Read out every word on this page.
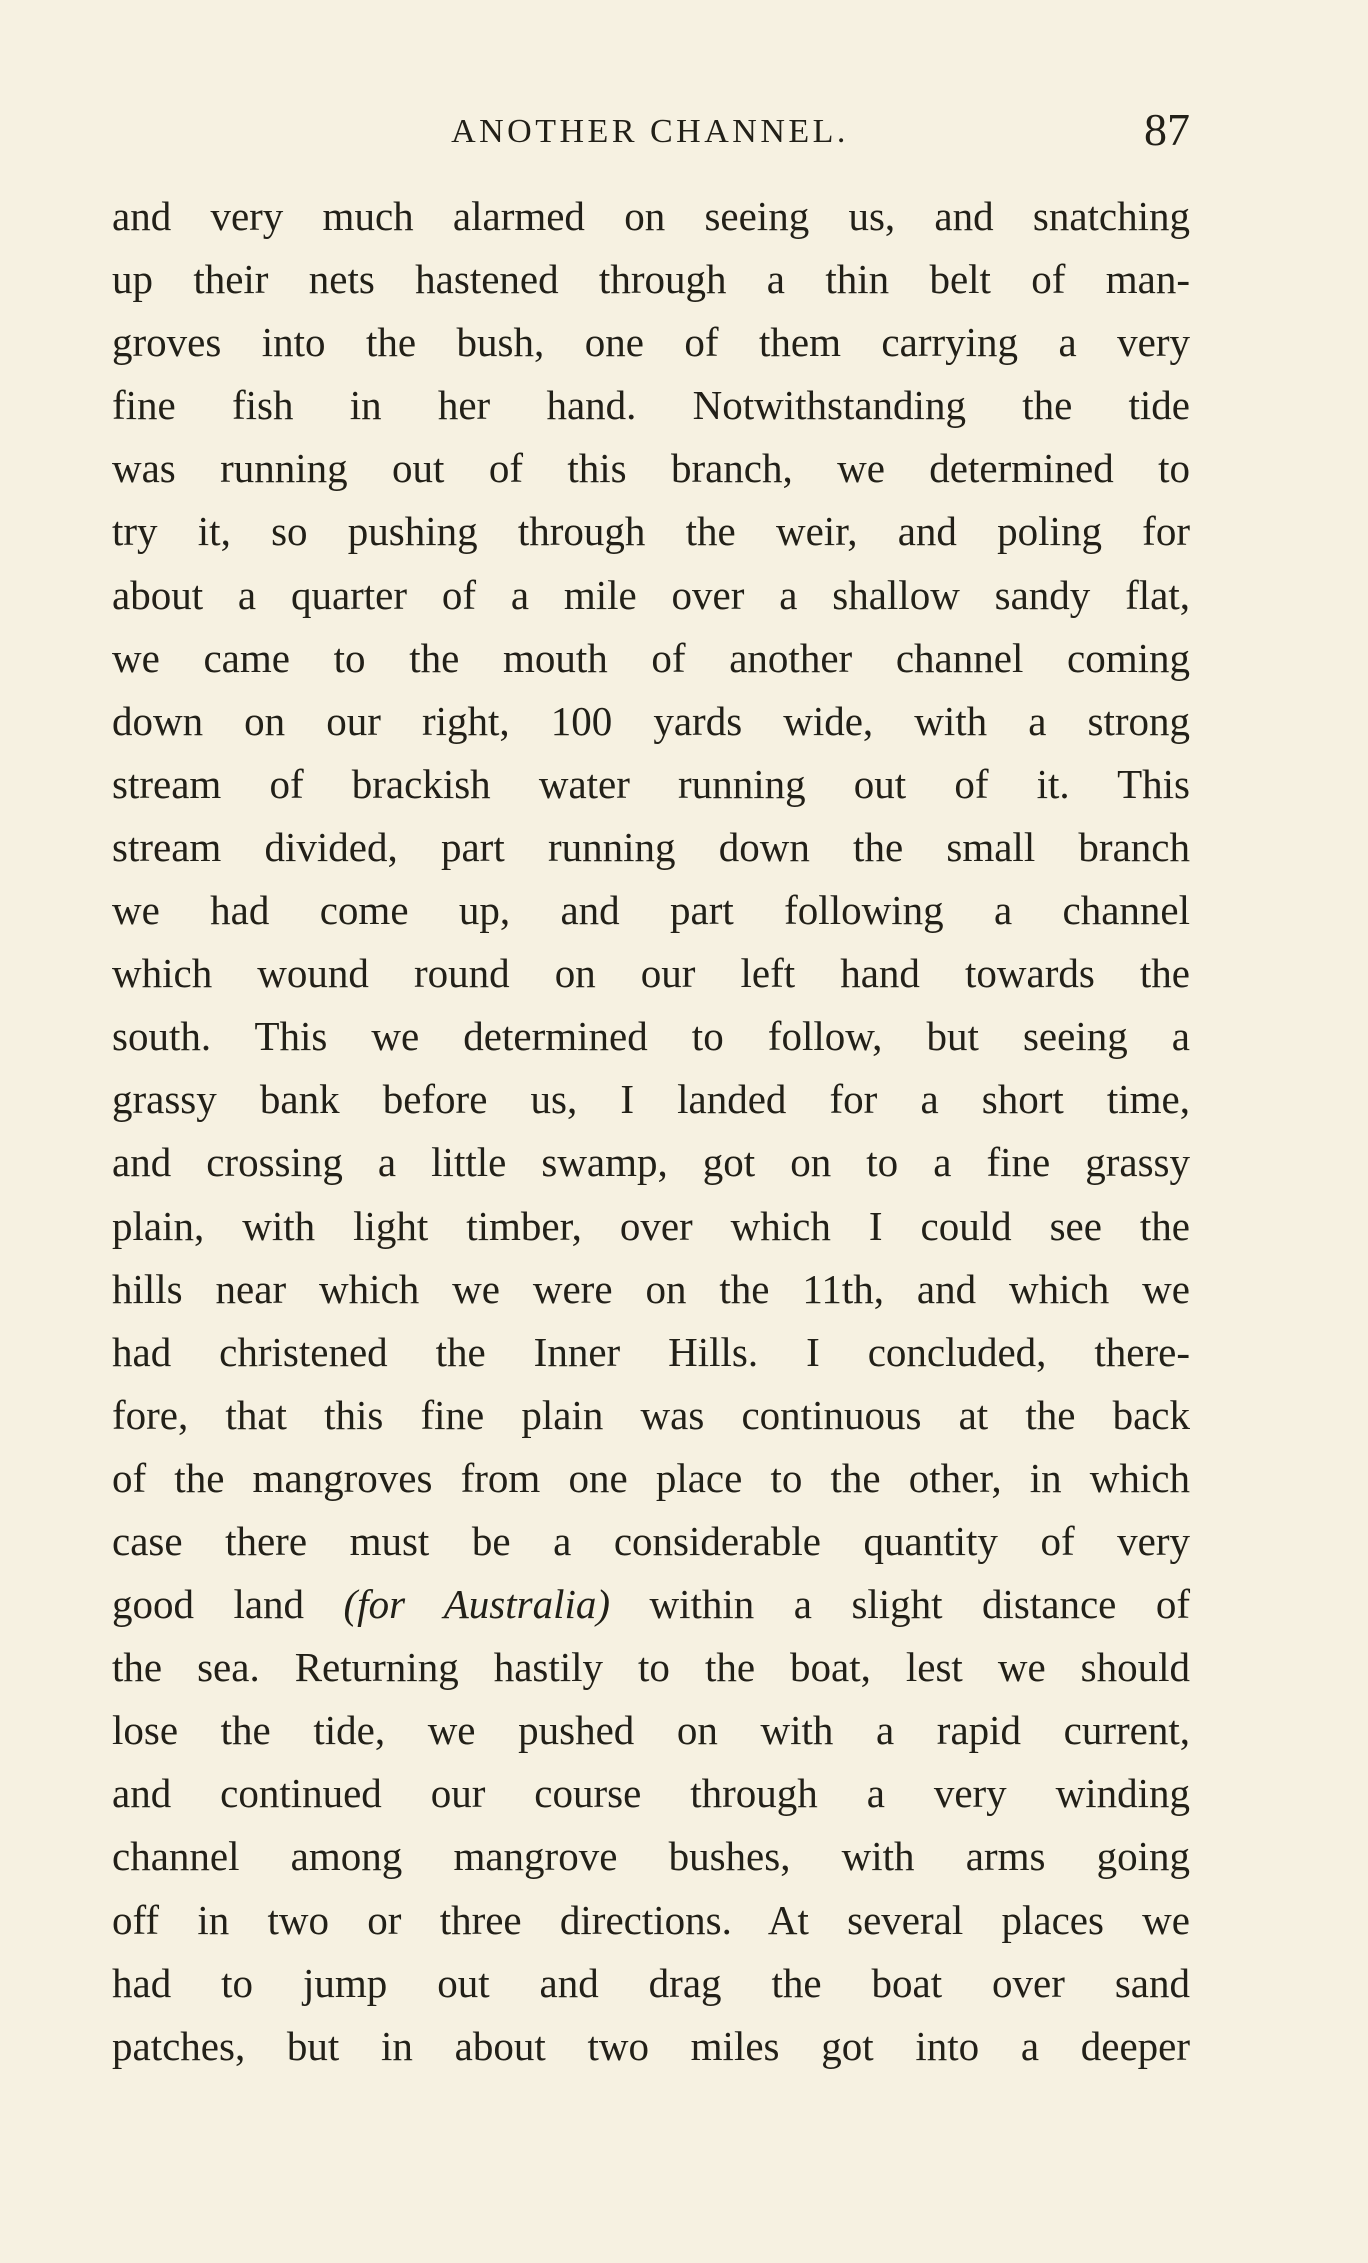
ANOTHER CHANNEL.	87
and very much alarmed on seeing us, and snatching
up their nets hastened through a thin belt of man-
groves into the bush, one of them carrying a very
fine fish in her hand. Notwithstanding the tide
was running out of this branch, we determined to
try it, so pushing through the weir, and poling for
about a quarter of a mile over a shallow sandy flat,
we came to the mouth of another channel coming
down on our right, 100 yards wide, with a strong
stream of brackish water running out of it. This
stream divided, part running down the small branch
we had come up, and part following a channel
which wound round on our left hand towards the
south. This we determined to follow, but seeing a
grassy bank before us, I landed for a short time,
and crossing a little swamp, got on to a fine grassy
plain, with light timber, over which I could see the
hills near which we were on the 11th, and which we
had christened the Inner Hills. I concluded, there-
fore, that this fine plain was continuous at the back
of the mangroves from one place to the other, in which
case there must be a considerable quantity of very
good land (for Australia) within a slight distance of
the sea. Returning hastily to the boat, lest we should
lose the tide, we pushed on with a rapid current,
and continued our course through a very winding
channel among mangrove bushes, with arms going
off in two or three directions. At several places we
had to jump out and drag the boat over sand
patches, but in about two miles got into a deeper
